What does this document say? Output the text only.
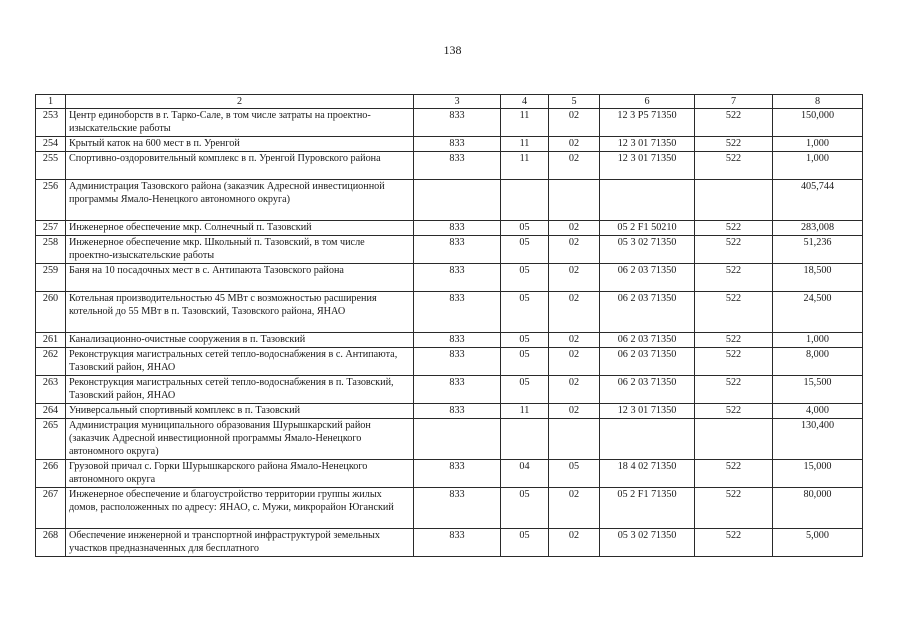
138
1	2	3	4	5	6	7	8
253	Центр единоборств в г. Тарко-Сале, в том числе затраты на проектно-изыскательские работы	833	11	02	12 3 P5 71350	522	150,000
254	Крытый каток на 600 мест в п. Уренгой	833	11	02	12 3 01 71350	522	1,000
255	Спортивно-оздоровительный комплекс в п. Уренгой Пуровского района	833	11	02	12 3 01 71350	522	1,000
256	Администрация Тазовского района (заказчик Адресной инвестиционной программы Ямало-Ненецкого автономного округа)						405,744
257	Инженерное обеспечение мкр. Солнечный п. Тазовский	833	05	02	05 2 F1 50210	522	283,008
258	Инженерное обеспечение мкр. Школьный п. Тазовский, в том числе проектно-изыскательские работы	833	05	02	05 3 02 71350	522	51,236
259	Баня на 10 посадочных мест в с. Антипаюта Тазовского района	833	05	02	06 2 03 71350	522	18,500
260	Котельная производительностью 45 МВт с возможностью расширения котельной до 55 МВт в п. Тазовский, Тазовского района, ЯНАО	833	05	02	06 2 03 71350	522	24,500
261	Канализационно-очистные сооружения в п. Тазовский	833	05	02	06 2 03 71350	522	1,000
262	Реконструкция магистральных сетей тепло-водоснабжения в с. Антипаюта, Тазовский район, ЯНАО	833	05	02	06 2 03 71350	522	8,000
263	Реконструкция магистральных сетей тепло-водоснабжения в п. Тазовский, Тазовский район, ЯНАО	833	05	02	06 2 03 71350	522	15,500
264	Универсальный спортивный комплекс в п. Тазовский	833	11	02	12 3 01 71350	522	4,000
265	Администрация муниципального образования Шурышкарский район (заказчик Адресной инвестиционной программы Ямало-Ненецкого автономного округа)						130,400
266	Грузовой причал с. Горки Шурышкарского района Ямало-Ненецкого автономного округа	833	04	05	18 4 02 71350	522	15,000
267	Инженерное обеспечение и благоустройство территории группы жилых домов, расположенных по адресу: ЯНАО, с. Мужи, микрорайон Юганский	833	05	02	05 2 F1 71350	522	80,000
268	Обеспечение инженерной и транспортной инфраструктурой земельных участков предназначенных для бесплатного	833	05	02	05 3 02 71350	522	5,000
